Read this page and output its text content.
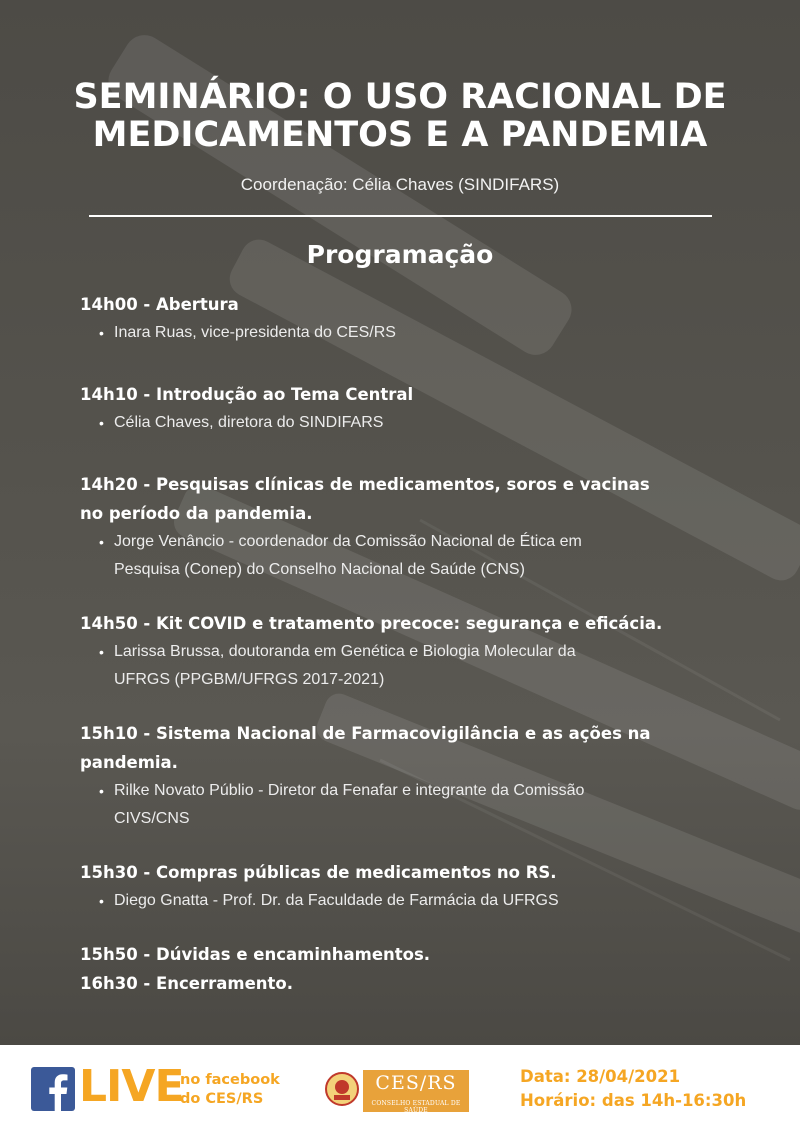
SEMINÁRIO: O USO RACIONAL DE
MEDICAMENTOS E A PANDEMIA
Coordenação: Célia Chaves (SINDIFARS)
Programação
14h00 - Abertura
• Inara Ruas, vice-presidenta do CES/RS
14h10 - Introdução ao Tema Central
• Célia Chaves, diretora do SINDIFARS
14h20 - Pesquisas clínicas de medicamentos, soros e vacinas
no período da pandemia.
• Jorge Venâncio - coordenador da Comissão Nacional de Ética em
Pesquisa (Conep) do Conselho Nacional de Saúde (CNS)
14h50 - Kit COVID e tratamento precoce: segurança e eficácia.
• Larissa Brussa, doutoranda em Genética e Biologia Molecular da
UFRGS (PPGBM/UFRGS 2017-2021)
15h10 - Sistema Nacional de Farmacovigilância e as ações na
pandemia.
• Rilke Novato Públio - Diretor da Fenafar e integrante da Comissão
CIVS/CNS
15h30 - Compras públicas de medicamentos no RS.
• Diego Gnatta - Prof. Dr. da Faculdade de Farmácia da UFRGS
15h50 - Dúvidas e encaminhamentos.
16h30 - Encerramento.
LIVE
no facebook
do CES/RS
CES/RS
CONSELHO ESTADUAL DE SAÚDE
Data: 28/04/2021
Horário: das 14h-16:30h
